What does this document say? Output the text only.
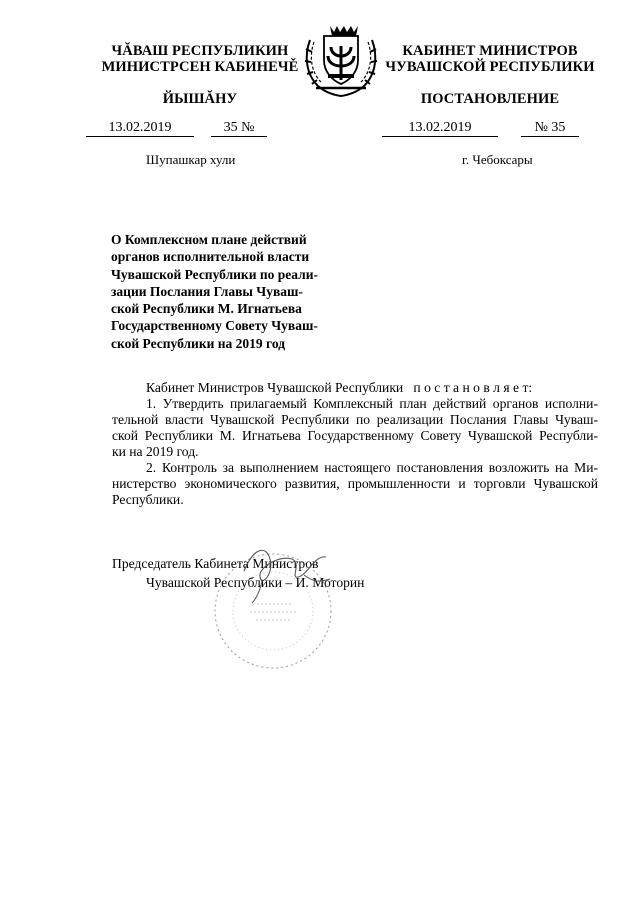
ЧĂВАШ РЕСПУБЛИКИН
МИНИСТРСЕН КАБИНЕЧĚ
ЙЫШĂНУ
КАБИНЕТ МИНИСТРОВ
ЧУВАШСКОЙ РЕСПУБЛИКИ
ПОСТАНОВЛЕНИЕ
13.02.2019	35 №	13.02.2019	№ 35
Шупашкар хули	г. Чебоксары
О Комплексном плане действий
органов исполнительной власти
Чувашской Республики по реали-
зации Послания Главы Чуваш-
ской Республики М. Игнатьева
Государственному Совету Чуваш-
ской Республики на 2019 год
Кабинет Министров Чувашской Республики п о с т а н о в л я е т:
1. Утвердить прилагаемый Комплексный план действий органов исполни-
тельной власти Чувашской Республики по реализации Послания Главы Чуваш-
ской Республики М. Игнатьева Государственному Совету Чувашской Республи-
ки на 2019 год.
2. Контроль за выполнением настоящего постановления возложить на Ми-
нистерство экономического развития, промышленности и торговли Чувашской
Республики.
Председатель Кабинета Министров
Чувашской Республики – И. Моторин
